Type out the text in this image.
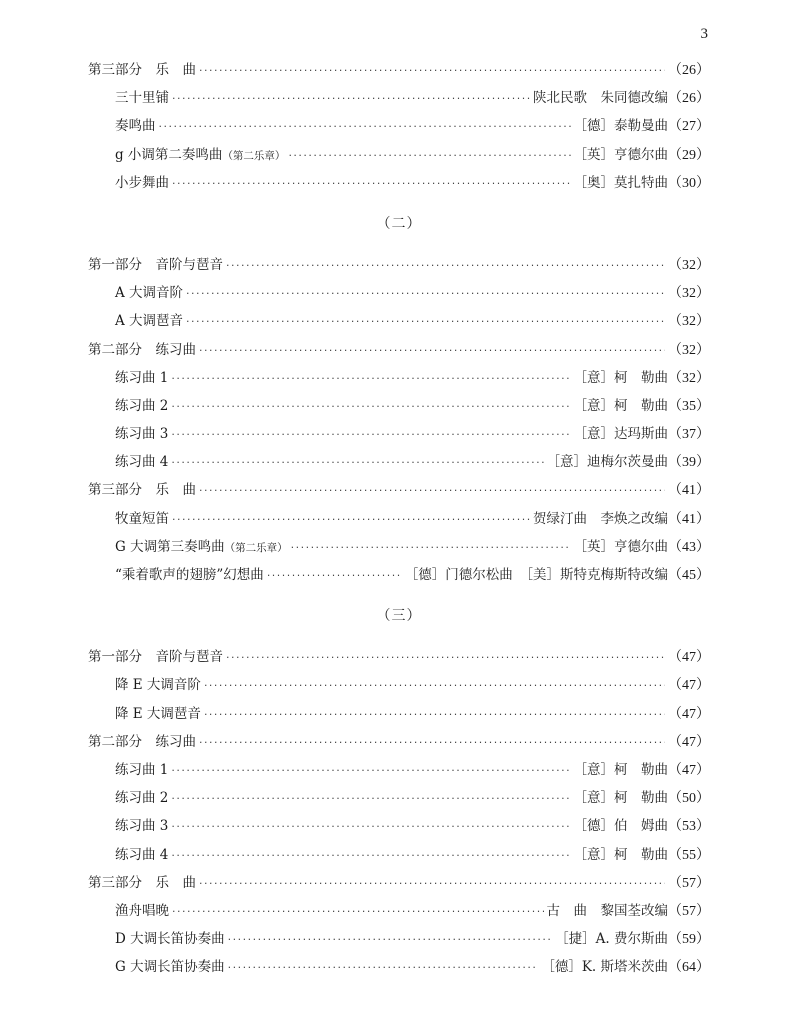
3
第三部分　乐　曲 ·····	（26）
三十里铺 ·····	陕北民歌　朱同德改编 （26）
奏鸣曲 ·····	［德］泰勒曼曲 （27）
g 小调第二奏鸣曲（第二乐章） ·····	［英］亨德尔曲 （29）
小步舞曲 ·····	［奥］莫扎特曲 （30）
（二）
第一部分　音阶与琶音 ·····	（32）
A 大调音阶 ·····	（32）
A 大调琶音 ·····	（32）
第二部分　练习曲 ·····	（32）
练习曲 1 ·····	［意］柯　勒曲 （32）
练习曲 2 ·····	［意］柯　勒曲 （35）
练习曲 3 ·····	［意］达玛斯曲 （37）
练习曲 4 ·····	［意］迪梅尔茨曼曲 （39）
第三部分　乐　曲 ·····	（41）
牧童短笛 ·····	贺绿汀曲　李焕之改编 （41）
G 大调第三奏鸣曲（第二乐章） ·····	［英］亨德尔曲 （43）
“乘着歌声的翅膀”幻想曲 ·····	［德］门德尔松曲　［美］斯特克梅斯特改编 （45）
（三）
第一部分　音阶与琶音 ·····	（47）
降 E 大调音阶 ·····	（47）
降 E 大调琶音 ·····	（47）
第二部分　练习曲 ·····	（47）
练习曲 1 ·····	［意］柯　勒曲 （47）
练习曲 2 ·····	［意］柯　勒曲 （50）
练习曲 3 ·····	［德］伯　姆曲 （53）
练习曲 4 ·····	［意］柯　勒曲 （55）
第三部分　乐　曲 ·····	（57）
渔舟唱晚 ·····	古　曲　黎国荃改编 （57）
D 大调长笛协奏曲 ·····	［捷］A. 费尔斯曲 （59）
G 大调长笛协奏曲 ·····	［德］K. 斯塔米茨曲 （64）
